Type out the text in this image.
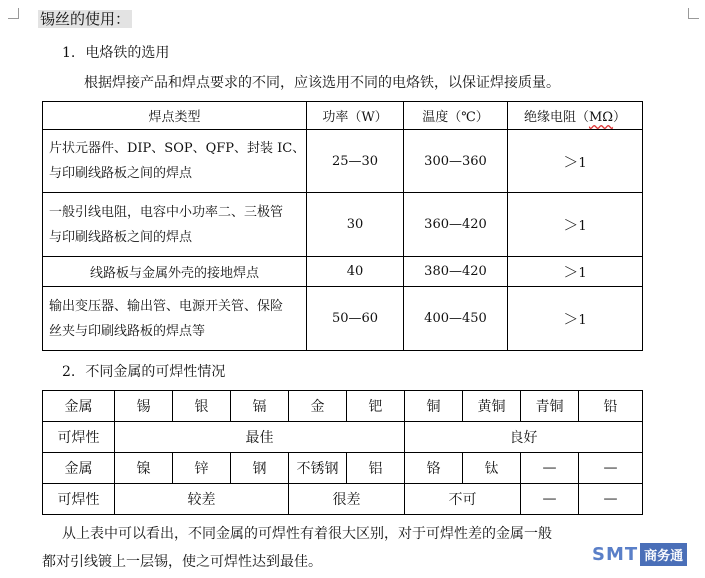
锡丝的使用：
1. 电烙铁的选用
根据焊接产品和焊点要求的不同，应该选用不同的电烙铁，以保证焊接质量。
焊点类型	功率（W）	温度（℃）	绝缘电阻（MΩ）

片状元器件、DIP、SOP、QFP、封装 IC、
与印刷线路板之间的焊点	25—30	300—360	＞1

一般引线电阻，电容中小功率二、三极管
与印刷线路板之间的焊点	30	360—420	＞1
线路板与金属外壳的接地焊点	40	380—420	＞1

输出变压器、输出管、电源开关管、保险
丝夹与印刷线路板的焊点等	50—60	400—450	＞1
2. 不同金属的可焊性情况
金属	锡	银	镉	金	钯	铜	黄铜	青铜	铅
可焊性	最佳					良好			
金属	镍	锌	钢	不锈钢	铝	铬	钛	—	—
可焊性	较差			很差		不可		—	—
从上表中可以看出，不同金属的可焊性有着很大区别，对于可焊性差的金属一般
都对引线镀上一层锡，使之可焊性达到最佳。	SMT 商务通
